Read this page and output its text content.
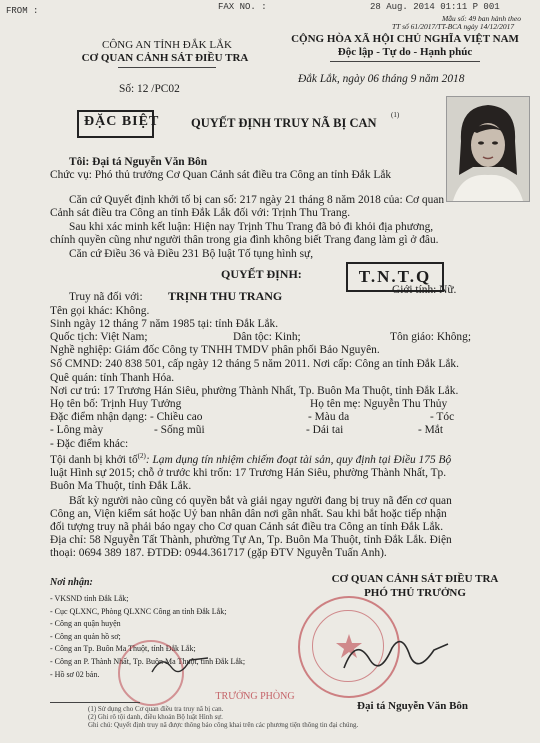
FROM :	FAX NO. :	28 Aug. 2014 01:11 P 001
Mẫu số: 49 ban hành theo
TT số 61/2017/TT-BCA ngày 14/12/2017
CÔNG AN TỈNH ĐẮK LẮK
CƠ QUAN CẢNH SÁT ĐIỀU TRA
Số: 12 /PC02
CỘNG HÒA XÃ HỘI CHỦ NGHĨA VIỆT NAM
Độc lập - Tự do - Hạnh phúc
Đắk Lắk, ngày 06 tháng 9 năm 2018
ĐẶC BIỆT	QUYẾT ĐỊNH TRUY NÃ BỊ CAN
(1)
Tôi: Đại tá Nguyễn Văn Bôn
Chức vụ: Phó thủ trưởng Cơ Quan Cảnh sát điều tra Công an tỉnh Đắk Lắk
Căn cứ Quyết định khởi tố bị can số: 217 ngày 21 tháng 8 năm 2018 của: Cơ quan
Cảnh sát điều tra Công an tỉnh Đắk Lắk đối với: Trịnh Thu Trang.
Sau khi xác minh kết luận: Hiện nay Trịnh Thu Trang đã bỏ đi khỏi địa phương,
chính quyền cũng như người thân trong gia đình không biết Trang đang làm gì ở đâu.
Căn cứ Điều 36 và Điều 231 Bộ luật Tố tụng hình sự,
QUYẾT ĐỊNH:	T.N.T.Q
Giới tính: Nữ.
Truy nã đối với: TRỊNH THU TRANG
Tên gọi khác: Không.
Sinh ngày 12 tháng 7 năm 1985 tại: tỉnh Đắk Lắk.
Quốc tịch: Việt Nam;	Dân tộc: Kinh;	Tôn giáo: Không;
Nghề nghiệp: Giám đốc Công ty TNHH TMDV phân phối Bảo Nguyên.
Số CMND: 240 838 501, cấp ngày 12 tháng 5 năm 2011. Nơi cấp: Công an tỉnh Đắk Lắk.
Quê quán: tỉnh Thanh Hóa.
Nơi cư trú: 17 Trương Hán Siêu, phường Thành Nhất, Tp. Buôn Ma Thuột, tỉnh Đắk Lắk.
Họ tên bố: Trịnh Huy Tưởng	Họ tên mẹ: Nguyễn Thu Thủy
Đặc điểm nhận dạng: - Chiều cao	- Màu da	- Tóc
- Lông mày	- Sống mũi	- Dái tai	- Mắt
- Đặc điểm khác:
Tội danh bị khởi tố$^{(2)}$: Lạm dụng tín nhiệm chiếm đoạt tài sản, quy định tại Điều 175 Bộ
luật Hình sự 2015; chỗ ở trước khi trốn: 17 Trương Hán Siêu, phường Thành Nhất, Tp.
Buôn Ma Thuột, tỉnh Đắk Lắk.
Bất kỳ người nào cũng có quyền bắt và giải ngay người đang bị truy nã đến cơ quan
Công an, Viện kiểm sát hoặc Uỷ ban nhân dân nơi gần nhất. Sau khi bắt hoặc tiếp nhận
đối tượng truy nã phải báo ngay cho Cơ quan Cảnh sát điều tra Công an tỉnh Đắk Lắk.
Địa chỉ: 58 Nguyễn Tất Thành, phường Tự An, Tp. Buôn Ma Thuột, tỉnh Đắk Lắk. Điện
thoại: 0694 389 187. ĐTDĐ: 0944.361717 (gặp ĐTV Nguyễn Tuấn Anh).
Nơi nhận:
- VKSND tỉnh Đắk Lắk;
- Cục QLXNC, Phòng QLXNC Công an tỉnh Đắk Lắk;
- Công an quận huyện
- Công an quản hồ sơ;
- Công an Tp. Buôn Ma Thuột, tỉnh Đắk Lắk;
- Công an P. Thành Nhất, Tp. Buôn Ma Thuột, tỉnh Đắk Lắk;
- Hồ sơ 02 bản.
CƠ QUAN CẢNH SÁT ĐIỀU TRA
PHÓ THỦ TRƯỞNG
TRƯỞNG PHÒNG
Đại tá Nguyễn Văn Bôn
(1) Sử dụng cho Cơ quan điều tra truy nã bị can.
(2) Ghi rõ tội danh, điều khoản Bộ luật Hình sự.
Ghi chú: Quyết định truy nã được thông báo công khai trên các phương tiện thông tin đại chúng.
